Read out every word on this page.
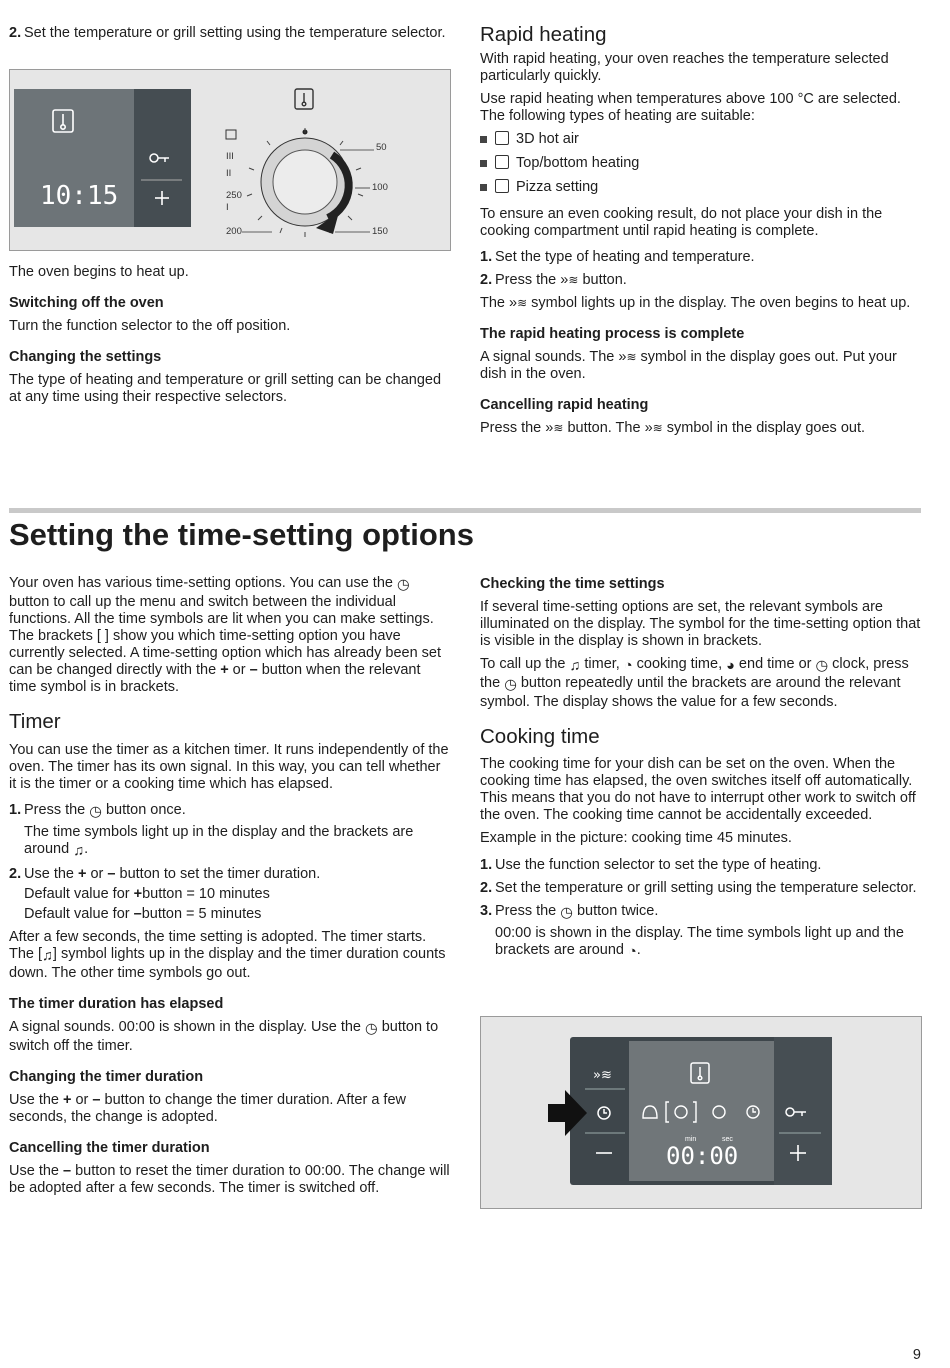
2. Set the temperature or grill setting using the temperature selector.
10:15
III
II
250
I
200
50
100
150

The oven begins to heat up.

Switching off the oven

Turn the function selector to the off position.

Changing the settings

The type of heating and temperature or grill setting can be changed at any time using their respective selectors.

Rapid heating

With rapid heating, your oven reaches the temperature selected particularly quickly.

Use rapid heating when temperatures above 100 °C are selected. The following types of heating are suitable:

3D hot air
Top/bottom heating
Pizza setting

To ensure an even cooking result, do not place your dish in the cooking compartment until rapid heating is complete.

1. Set the type of heating and temperature.
2. Press the »≋ button.

The »≋ symbol lights up in the display. The oven begins to heat up.

The rapid heating process is complete

A signal sounds. The »≋ symbol in the display goes out. Put your dish in the oven.

Cancelling rapid heating

Press the »≋ button. The »≋ symbol in the display goes out.

Setting the time-setting options

Your oven has various time-setting options. You can use the ◷ button to call up the menu and switch between the individual functions. All the time symbols are lit when you can make settings. The brackets [ ] show you which time-setting option you have currently selected. A time-setting option which has already been set can be changed directly with the + or – button when the relevant time symbol is in brackets.

Timer

You can use the timer as a kitchen timer. It runs independently of the oven. The timer has its own signal. In this way, you can tell whether it is the timer or a cooking time which has elapsed.

1. Press the ◷ button once.
The time symbols light up in the display and the brackets are around ♫.
2. Use the + or – button to set the timer duration.
Default value for +button = 10 minutes
Default value for –button = 5 minutes

After a few seconds, the time setting is adopted. The timer starts. The [♫] symbol lights up in the display and the timer duration counts down. The other time symbols go out.

The timer duration has elapsed

A signal sounds. 00:00 is shown in the display. Use the ◷ button to switch off the timer.

Changing the timer duration

Use the + or – button to change the timer duration. After a few seconds, the change is adopted.

Cancelling the timer duration

Use the – button to reset the timer duration to 00:00. The change will be adopted after a few seconds. The timer is switched off.

Checking the time settings

If several time-setting options are set, the relevant symbols are illuminated on the display. The symbol for the time-setting option that is visible in the display is shown in brackets.

To call up the ♫ timer, ◔ cooking time, ◕ end time or ◷ clock, press the ◷ button repeatedly until the brackets are around the relevant symbol. The display shows the value for a few seconds.

Cooking time

The cooking time for your dish can be set on the oven. When the cooking time has elapsed, the oven switches itself off automatically. This means that you do not have to interrupt other work to switch off the oven. The cooking time cannot be accidentally exceeded.

Example in the picture: cooking time 45 minutes.

1. Use the function selector to set the type of heating.
2. Set the temperature or grill setting using the temperature selector.
3. Press the ◷ button twice.
00:00 is shown in the display. The time symbols light up and the brackets are around ◔.
»≋
min	sec
00:00
9
